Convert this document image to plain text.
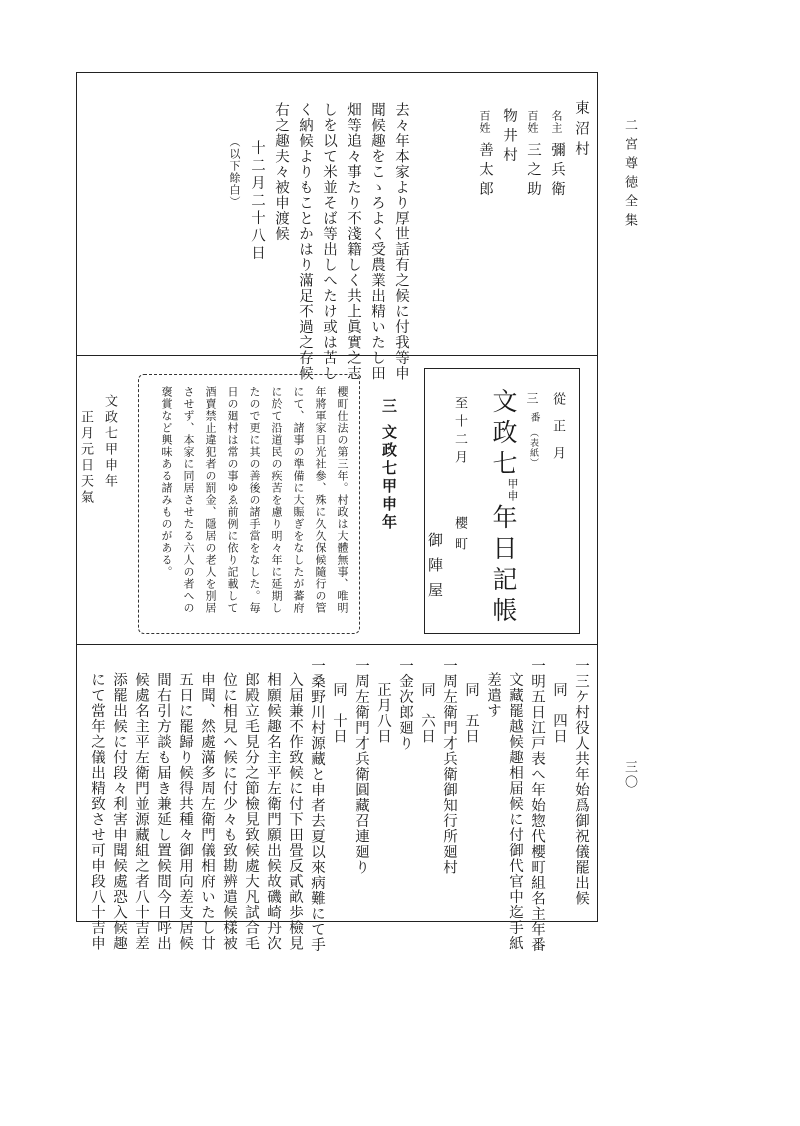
二宮尊徳全集
三〇
東沼村
名主
彌兵衛
百姓
三之助
物井村
百姓
善太郎
去々年本家より厚世話有之候に付我等申
聞候趣をこゝろよく受農業出精いたし田
畑等追々事たり不淺籍しく共上眞實之志
しを以て米並そば等出しへたけ或は苦し
く納候よりもことかはり滿足不過之存候
右之趣夫々被申渡候
十二月二十八日
（以下餘白）
從正月
三
番
（表紙）
文政七
甲申
年日記帳
至十二月
櫻町
御陣屋
三
文政七甲申年
櫻町仕法の第三年。村政は大體無事、唯明
年將軍家日光社參、殊に久久保候隨行の管
にて、諸事の準備に大賑ぎをなしたが蕃府
に於て沿道民の疾苦を慮り明々年に延期し
たので更に其の善後の諸手當をなした。毎
日の廻村は常の事ゆゑ前例に依り記載して
酒賣禁止違犯者の罰金、隱居の老人を別居
させず、本家に同居させたる六人の者への
褒賞など興味ある諸みものがある。
文政七甲申年
正月元日天氣
一三ケ村役人共年始爲御祝儀罷出候
同　四日
一明五日江戸表へ年始惣代櫻町組名主年番
文藏罷越候趣相届候に付御代官中迄手紙
差遣す
同　五日
一周左衛門才兵衛御知行所廻村
同　六日
一金次郎廻り
正月八日
一周左衛門才兵衛圓藏召連廻り
同　十日
一桑野川村源藏と申者去夏以來病難にて手
入届兼不作致候に付下田畳反貳畝歩檢見
相願候趣名主平左衛門願出候故磯崎丹次
郎殿立毛見分之節檢見致候處大凡試合毛
位に相見へ候に付少々も致勘辨遣候樣被
申聞、然處滿多周左衛門儀相府いたし廿
五日に罷歸り候得共種々御用向差支居候
間右引方談も届き兼延し置候間今日呼出
候處名主平左衛門並源藏組之者八十吉差
添罷出候に付段々利害申聞候處恐入候趣
にて當年之儀出精致させ可申段八十吉申
